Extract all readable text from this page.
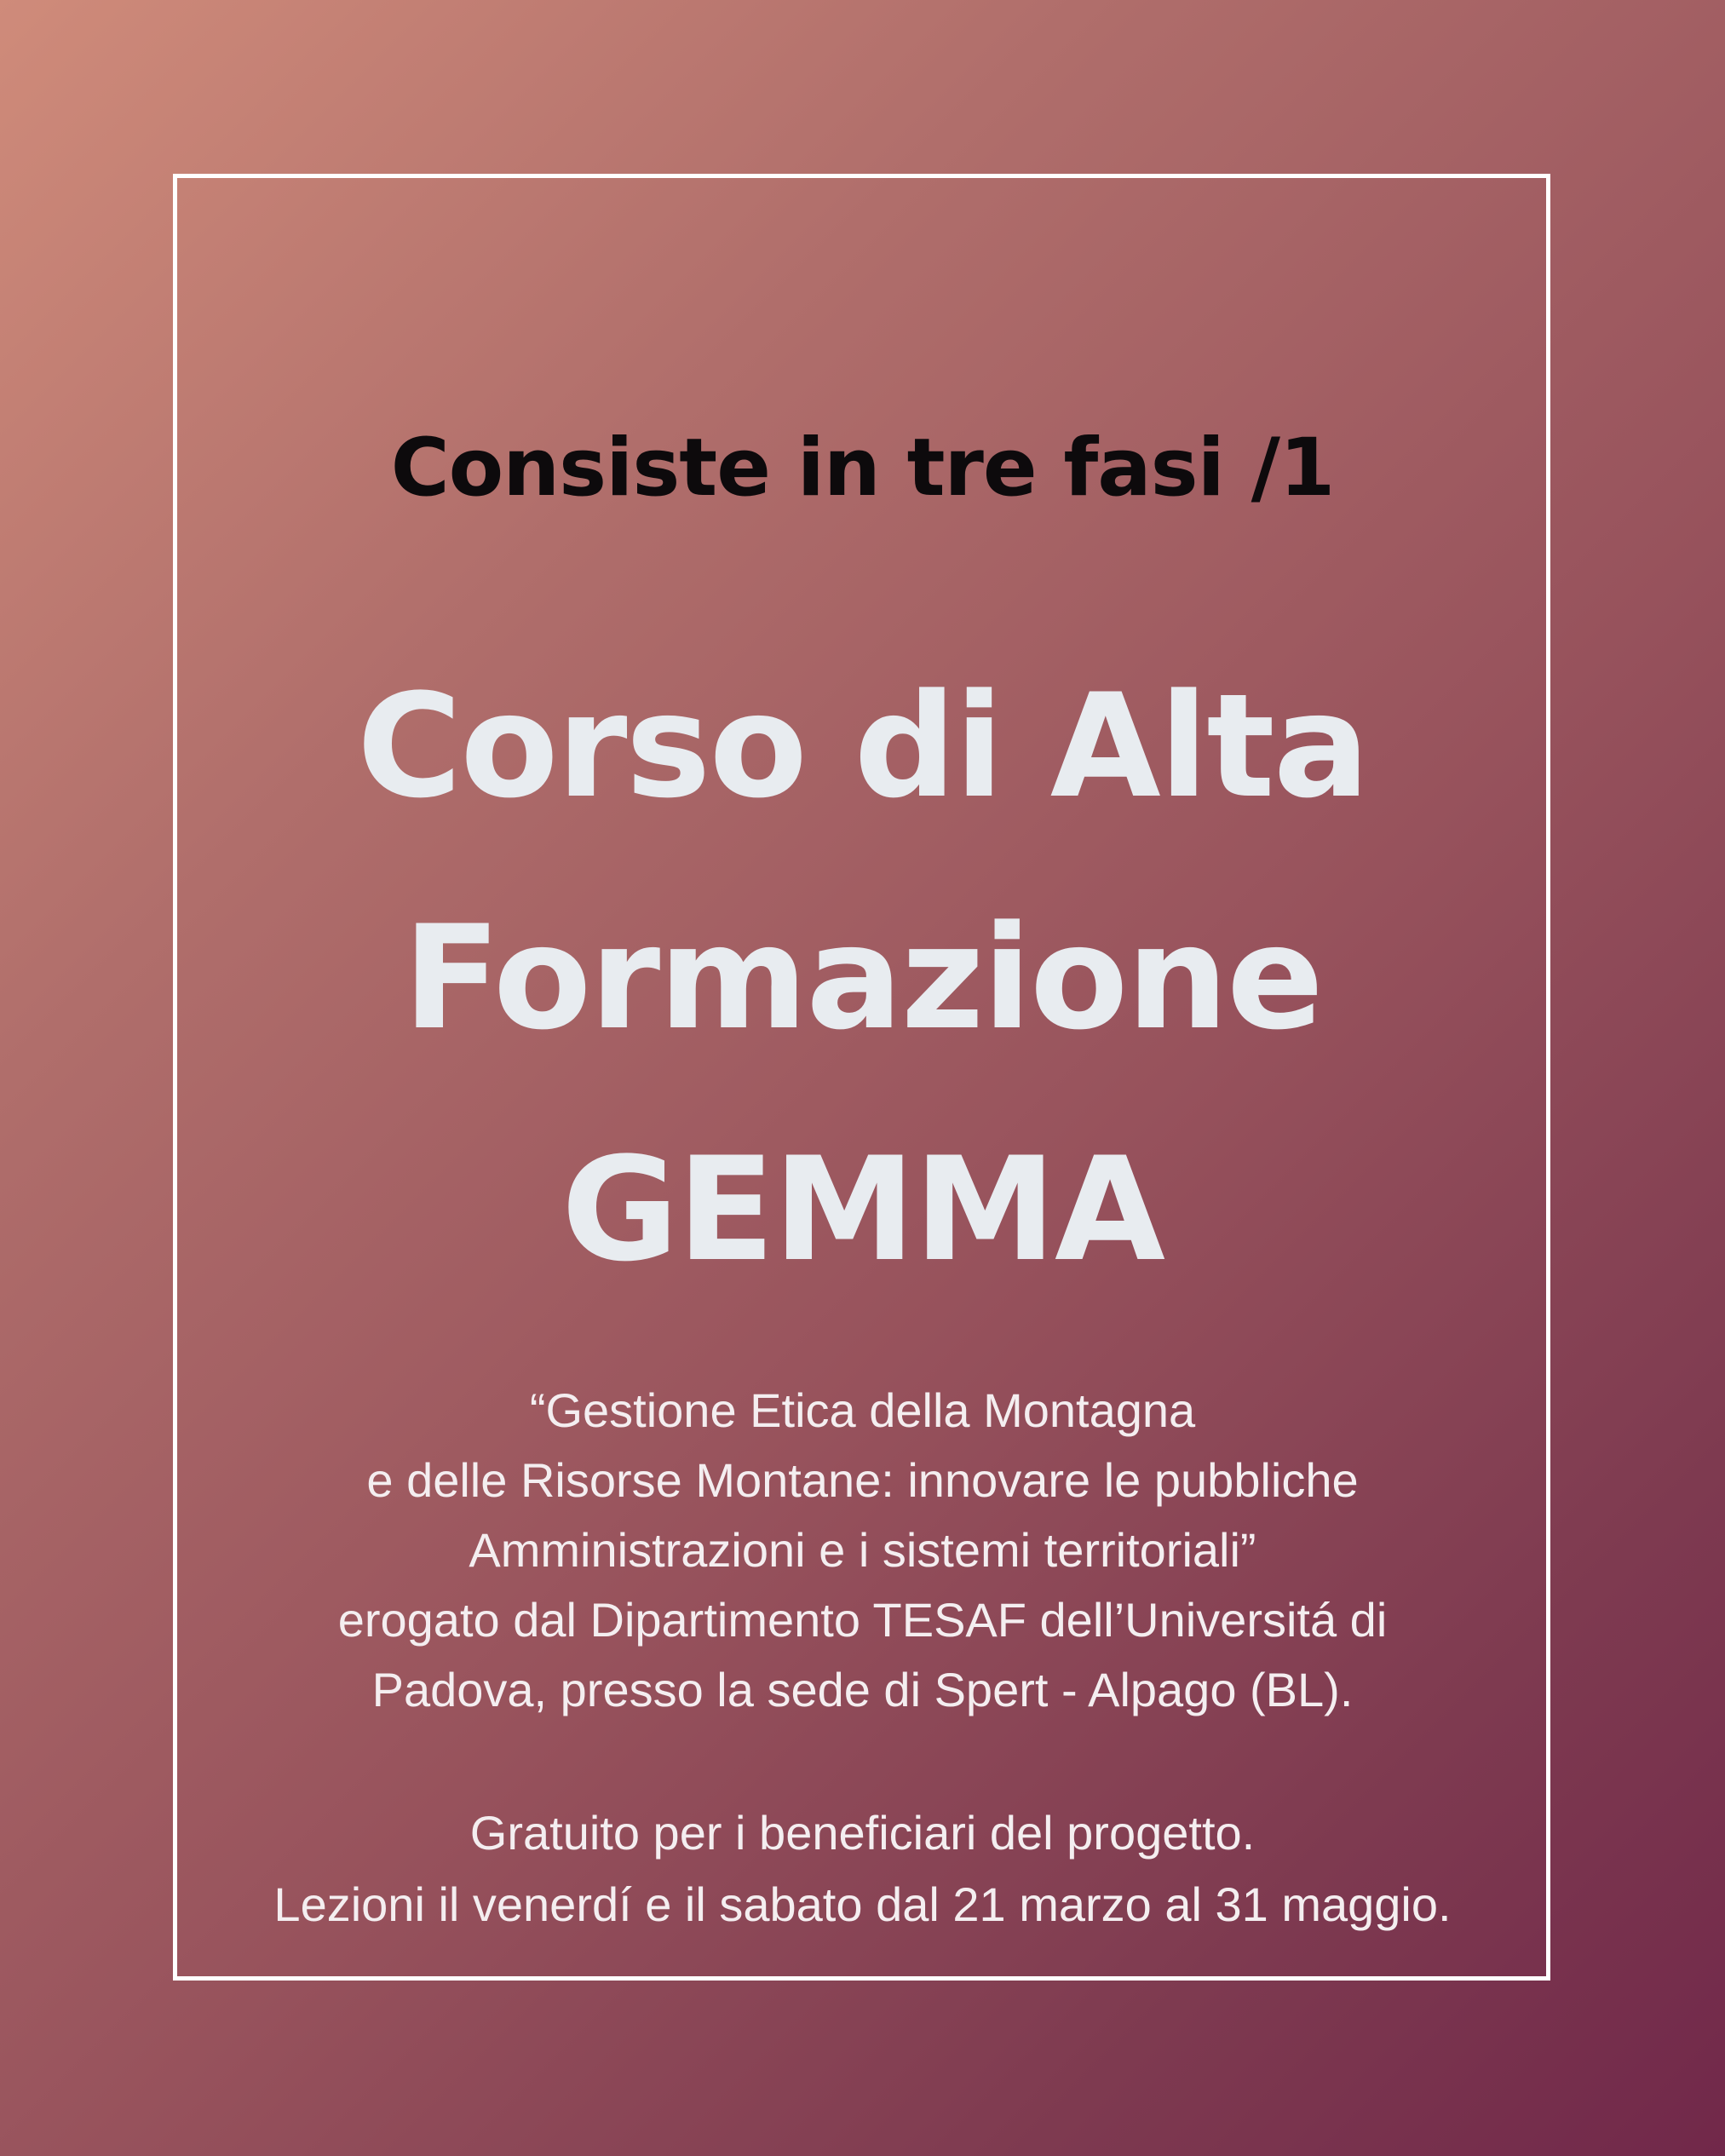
Consiste in tre fasi /1
Corso di Alta
Formazione
GEMMA
“Gestione Etica della Montagna
e delle Risorse Montane: innovare le pubbliche
Amministrazioni e i sistemi territoriali”
erogato dal Dipartimento TESAF dell’Universitá di
Padova, presso la sede di Spert - Alpago (BL).
Gratuito per i beneficiari del progetto.
Lezioni il venerdí e il sabato dal 21 marzo al 31 maggio.
